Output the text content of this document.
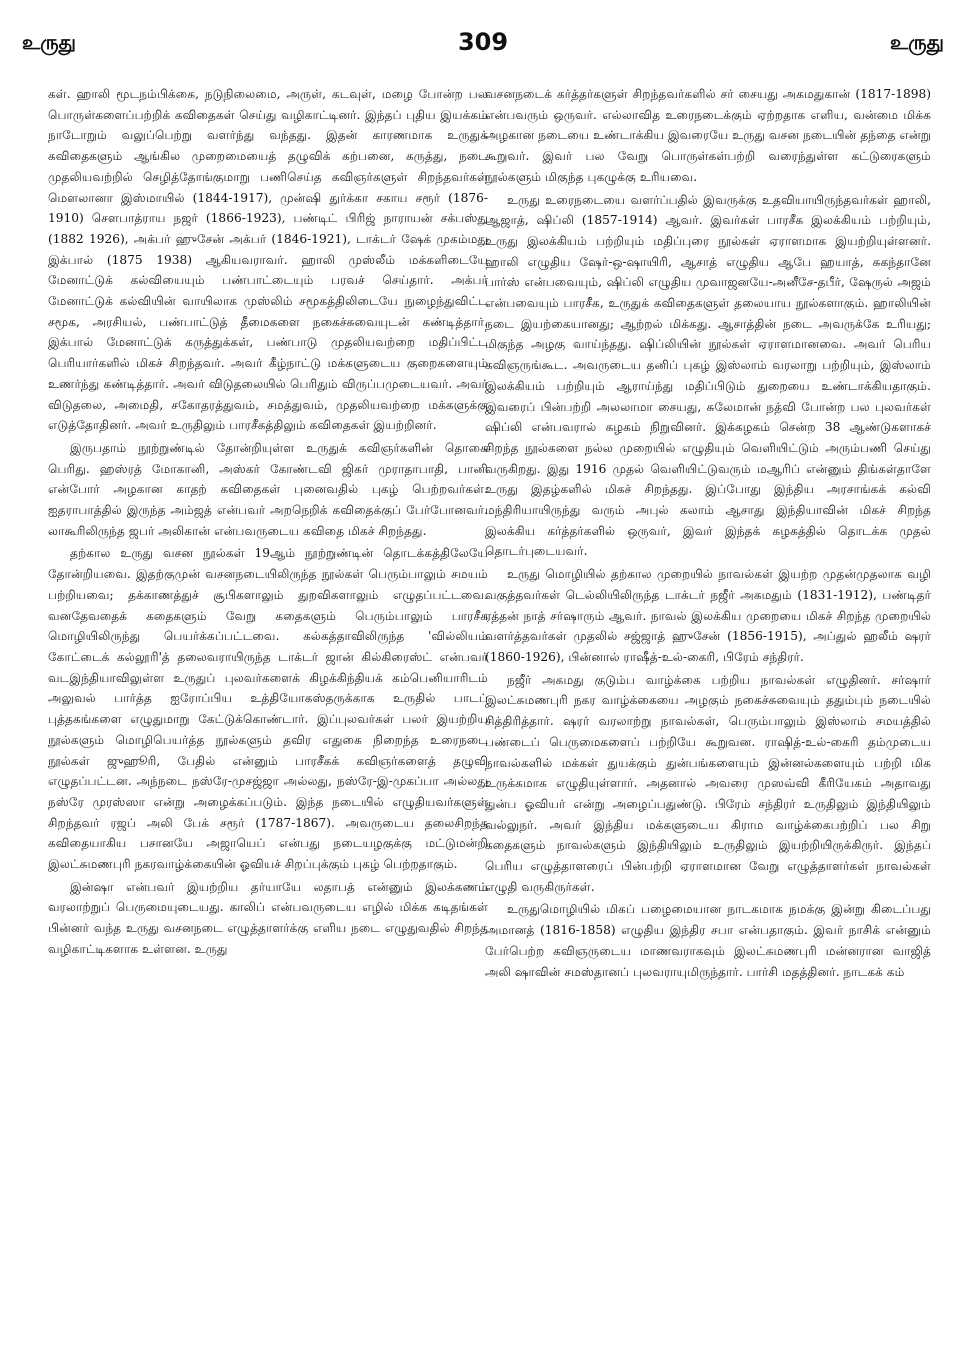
உருது	309	உருது

கள். ஹாலி மூடநம்பிக்கை, நடுநிலைமை, அருள், கடவுள், மழை போன்ற பல பொருள்களைப்பற்றிக் கவிதைகள் செய்து வழிகாட்டினர். இந்தப் புதிய இயக்கம் நாடோறும் வலுப்பெற்று வளர்ந்து வந்தது. இதன் காரணமாக உருதுக் கவிதைகளும் ஆங்கில முறைமையைத் தழுவிக் கற்பனை, கருத்து, நடை முதலியவற்றில் செழித்தோங்குமாறு பணிசெய்த கவிஞர்களுள் சிறந்தவர்கள் மௌலானா இஸ்மாயில் (1844-1917), முன்ஷி துர்க்கா சகாய சரூர் (1876-1910) சௌபாத்ராய நஜர் (1866-1923), பண்டிட் பிரிஜ் நாராயன் சக்பஸ்து (1882 1926), அக்பர் ஹுசேன் அக்பர் (1846-1921), டாக்டர் ஷேக் முகம்மது இக்பால் (1875 1938) ஆகியவராவர். ஹாலி முஸ்லீம் மக்களிடையே மேனாட்டுக் கல்வியையும் பண்பாட்டையும் பரவச் செய்தார். அக்பர் மேனாட்டுக் கல்வியின் வாயிலாக முஸ்லிம் சமூகத்திலிடையே நுழைந்துவிட்ட சமூக, அரசியல், பண்பாட்டுத் தீமைகளை நகைச்சுவையுடன் கண்டித்தார். இக்பால் மேனாட்டுக் கருத்துக்கள், பண்பாடு முதலியவற்றை மதிப்பிட்ட பெரியார்களில் மிகச் சிறந்தவர். அவர் கீழ்நாட்டு மக்களுடைய குறைகளையும் உணர்ந்து கண்டித்தார். அவர் விடுதலையில் பெரிதும் விருப்பமுடையவர். அவர் விடுதலை, அமைதி, சகோதரத்துவம், சமத்துவம், முதலியவற்றை மக்களுக்கு எடுத்தோதினர். அவர் உருதிலும் பாரசீகத்திலும் கவிதைகள் இயற்றினர்.

இருபதாம் நூற்றுண்டில் தோன்றியுள்ள உருதுக் கவிஞர்களின் தொகை பெரிது. ஹஸ்ரத் மோகானி, அஸ்கர் கோண்டவி ஜிகர் முராதாபாதி, பானி என்போர் அழகான காதற் கவிதைகள் புனைவதில் புகழ் பெற்றவர்கள். ஐதராபாத்தில் இருந்த அம்ஜத் என்பவர் அறநெறிக் கவிதைக்குப் பேர்போனவர். லாகூரிலிருந்த ஜபர் அலிகான் என்பவருடைய கவிதை மிகச் சிறந்தது.

தற்கால உருது வசன நூல்கள் 19ஆம் நூற்றுண்டின் தொடக்கத்திலேயே தோன்றியவை. இதற்குமுன் வசனநடையிலிருந்த நூல்கள் பெரும்பாலும் சமயம் பற்றியவை; தக்காணத்துச் சூபிகளாலும் துறவிகளாலும் எழுதப்பட்டவை. வனதேவதைக் கதைகளும் வேறு கதைகளும் பெரும்பாலும் பாரசீக மொழியிலிருந்து பெயர்க்கப்பட்டவை. கல்கத்தாவிலிருந்த 'வில்லியம் கோட்டைக் கல்லூரி'த் தலைவராயிருந்த டாக்டர் ஜான் கில்கிரைஸ்ட் என்பவர் வடஇந்தியாவிலுள்ள உருதுப் புலவர்களைக் கிழக்கிந்தியக் கம்பெனியாரிடம் அலுவல் பார்த்த ஐரோப்பிய உத்தியோகஸ்தருக்காக உருதில் பாடப் புத்தகங்களை எழுதுமாறு கேட்டுக்கொண்டார். இப்புலவர்கள் பலர் இயற்றிய நூல்களும் மொழிபெயர்த்த நூல்களும் தவிர எதுகை நிறைந்த உரைநடை நூல்கள் ஜுஹூரி, பேதில் என்னும் பாரசீகக் கவிஞர்களைத் தழுவி எழுதப்பட்டன. அந்நடை நஸ்ரே-முசஜ்ஜா அல்லது, நஸ்ரே-இ-முகப்பா அல்லது நஸ்ரே முரஸ்ஸா என்று அழைக்கப்படும். இந்த நடையில் எழுதியவர்களுள் சிறந்தவர் ரஜப் அலி பேக் சரூர் (1787-1867). அவருடைய தலைசிறந்த கவிதையாகிய பசானயே அஜாயெப் என்பது நடையழகுக்கு மட்டுமன்றி இலட்சுமணபுரி நகரவாழ்க்கையின் ஓவியச் சிறப்புக்கும் புகழ் பெற்றதாகும்.

இன்ஷா என்பவர் இயற்றிய தர்யாயே லதாபத் என்னும் இலக்கணம் வரலாற்றுப் பெருமையுடையது. காலிப் என்பவருடைய எழில் மிக்க கடிதங்கள் பின்னர் வந்த உருது வசனநடை எழுத்தாளர்க்கு எளிய நடை எழுதுவதில் சிறந்த வழிகாட்டிகளாக உள்ளன. உருது

வசனநடைக் கர்த்தர்களுள் சிறந்தவர்களில் சர் சையது அகமதுகான் (1817-1898) என்பவரும் ஒருவர். எல்லாவித உரைநடைக்கும் ஏற்றதாக எளிய, வன்மை மிக்க அழகான நடையை உண்டாக்கிய இவரையே உருது வசன நடையின் தந்தை என்று கூறுவர். இவர் பல வேறு பொருள்கள்பற்றி வரைந்துள்ள கட்டுரைகளும் நூல்களும் மிகுந்த புகழுக்கு உரியவை.

உருது உரைநடையை வளர்ப்பதில் இவருக்கு உதவியாயிருந்தவர்கள் ஹாலி, ஆஜாத், ஷிப்லி (1857-1914) ஆவர். இவர்கள் பாரசீக இலக்கியம் பற்றியும், உருது இலக்கியம் பற்றியும் மதிப்புரை நூல்கள் ஏராளமாக இயற்றியுள்ளனர். ஹாலி எழுதிய ஷேர்-ஒ-ஷாயிரி, ஆசாத் எழுதிய ஆபே ஹயாத், சுகந்தானே பார்ஸ் என்பவையும், ஷிப்லி எழுதிய முவாஜனயே-அனீசே-தபீர், ஷேருல் அஜம் என்பவையும் பாரசீக, உருதுக் கவிதைகளுள் தலையாய நூல்களாகும். ஹாலியின் நடை இயற்கையானது; ஆற்றல் மிக்கது. ஆசாத்தின் நடை அவருக்கே உரியது; மிகுந்த அழகு வாய்ந்தது. ஷிப்லியின் நூல்கள் ஏராளமானவை. அவர் பெரிய கவிஞருங்கூட. அவருடைய தனிப் புகழ் இஸ்லாம் வரலாறு பற்றியும், இஸ்லாம் இலக்கியம் பற்றியும் ஆராய்ந்து மதிப்பிடும் துறையை உண்டாக்கியதாகும். இவரைப் பின்பற்றி அலலாமா சையது, சுலேமான் நத்வி போன்ற பல புலவர்கள் ஷிப்லி என்பவரால் கழகம் நிறுவினர். இக்கழகம் சென்ற 38 ஆண்டுகளாகச் சிறந்த நூல்களை நல்ல முறையில் எழுதியும் வெளியிட்டும் அரும்பணி செய்து வருகிறது. இது 1916 முதல் வெளியிட்டுவரும் மஆரிப் என்னும் திங்கள்தாளே உருது இதழ்களில் மிகச் சிறந்தது. இப்போது இந்திய அரசாங்கக் கல்வி மந்திரியாயிருந்து வரும் அபுல் கலாம் ஆசாது இந்தியாவின் மிகச் சிறந்த இலக்கிய கர்த்தர்களில் ஒருவர், இவர் இந்தக் கழகத்தில் தொடக்க முதல் தொடர்புடையவர்.

உருது மொழியில் தற்கால முறையில் நாவல்கள் இயற்ற முதன்முதலாக வழி வகுத்தவர்கள் டெல்லியிலிருந்த டாக்டர் நஜீர் அகமதும் (1831-1912), பண்டிதர் ரத்தன் நாத் சர்ஷாரும் ஆவர். நாவல் இலக்கிய முறையை மிகச் சிறந்த முறையில் வளர்த்தவர்கள் முதலில் சஜ்ஜாத் ஹுசேன் (1856-1915), அப்துல் ஹலீம் ஷரர் (1860-1926), பின்னால் ராஷீத்-உல்-கைரி, பிரேம் சந்திரர்.

நஜீர் அகமது குடும்ப வாழ்க்கை பற்றிய நாவல்கள் எழுதினர். சர்ஷார் இலட்சுமணபுரி நகர வாழ்க்கையை அழகும் நகைச்சுவையும் ததும்பும் நடையில் சித்திரித்தார். ஷரர் வரலாற்று நாவல்கள், பெரும்பாலும் இஸ்லாம் சமயத்தில் பண்டைப் பெருமைகளைப் பற்றியே கூறுவன. ராஷித்-உல்-கைரி தம்முடைய நாவல்களில் மக்கள் துயக்கும் துன்பங்களையும் இன்னல்களையும் பற்றி மிக உருக்கமாக எழுதியுள்ளார். அதனால் அவரை முஸவ்வி கீரியேகம் அதாவது துன்ப ஓவியர் என்று அழைப்பதுண்டு. பிரேம் சந்திரர் உருதிலும் இந்தியிலும் வல்லுநர். அவர் இந்திய மக்களுடைய கிராம வாழ்க்கைபற்றிப் பல சிறு கதைகளும் நாவல்களும் இந்தியிலும் உருதிலும் இயற்றியிருக்கிருர். இந்தப் பெரிய எழுத்தாளரைப் பின்பற்றி ஏராளமான வேறு எழுத்தாளர்கள் நாவல்கள் எழுதி வருகிருர்கள்.

உருதுமொழியில் மிகப் பழைமையான நாடகமாக நமக்கு இன்று கிடைப்பது அமானத் (1816-1858) எழுதிய இந்திர சபா என்பதாகும். இவர் நாசிக் என்னும் பேர்பெற்ற கவிஞருடைய மாணவராகவும் இலட்சுமணபுரி மன்னரான வாஜித் அலி ஷாவின் சமஸ்தானப் புலவராயுமிருந்தார். பார்சி மதத்தினர். நாடகக் கம்
